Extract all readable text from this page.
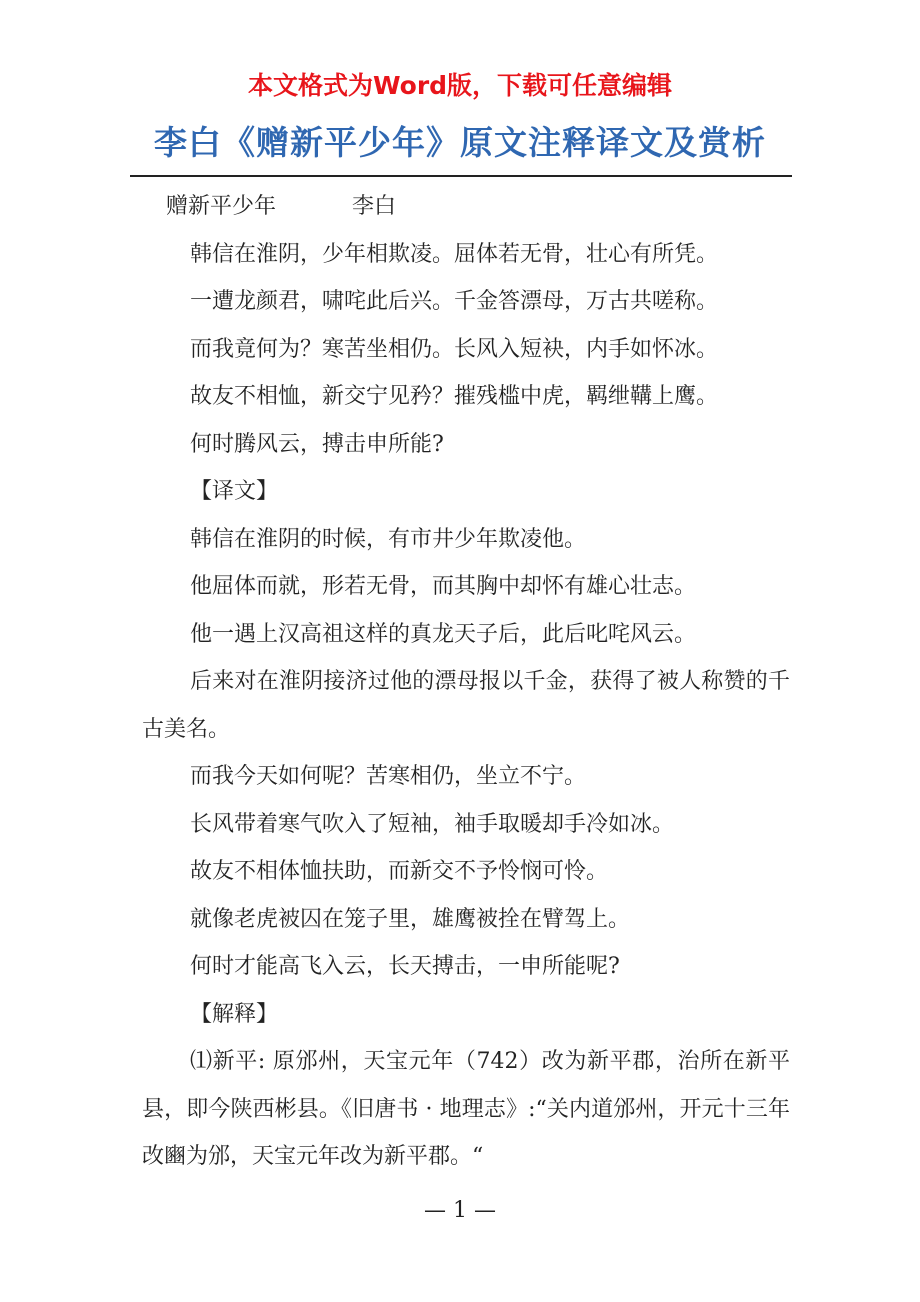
本文格式为Word版，下载可任意编辑

李白《赠新平少年》原文注释译文及赏析

赠新平少年	李白

韩信在淮阴，少年相欺凌。屈体若无骨，壮心有所凭。

一遭龙颜君，啸咤此后兴。千金答漂母，万古共嗟称。

而我竟何为？寒苦坐相仍。长风入短袂，内手如怀冰。

故友不相恤，新交宁见矜？摧残槛中虎，羁绁鞲上鹰。

何时腾风云，搏击申所能?

【译文】

韩信在淮阴的时候，有市井少年欺凌他。

他屈体而就，形若无骨，而其胸中却怀有雄心壮志。

他一遇上汉高祖这样的真龙天子后，此后叱咤风云。

后来对在淮阴接济过他的漂母报以千金，获得了被人称赞的千古美名。

而我今天如何呢？苦寒相仍，坐立不宁。

长风带着寒气吹入了短袖，袖手取暖却手冷如冰。

故友不相体恤扶助，而新交不予怜悯可怜。

就像老虎被囚在笼子里，雄鹰被拴在臂驾上。

何时才能高飞入云，长天搏击，一申所能呢?

【解释】

⑴新平: 原邠州，天宝元年（742）改为新平郡，治所在新平县，即今陕西彬县。《旧唐书 · 地理志》:“关内道邠州，开元十三年改豳为邠，天宝元年改为新平郡。“

— 1 —
